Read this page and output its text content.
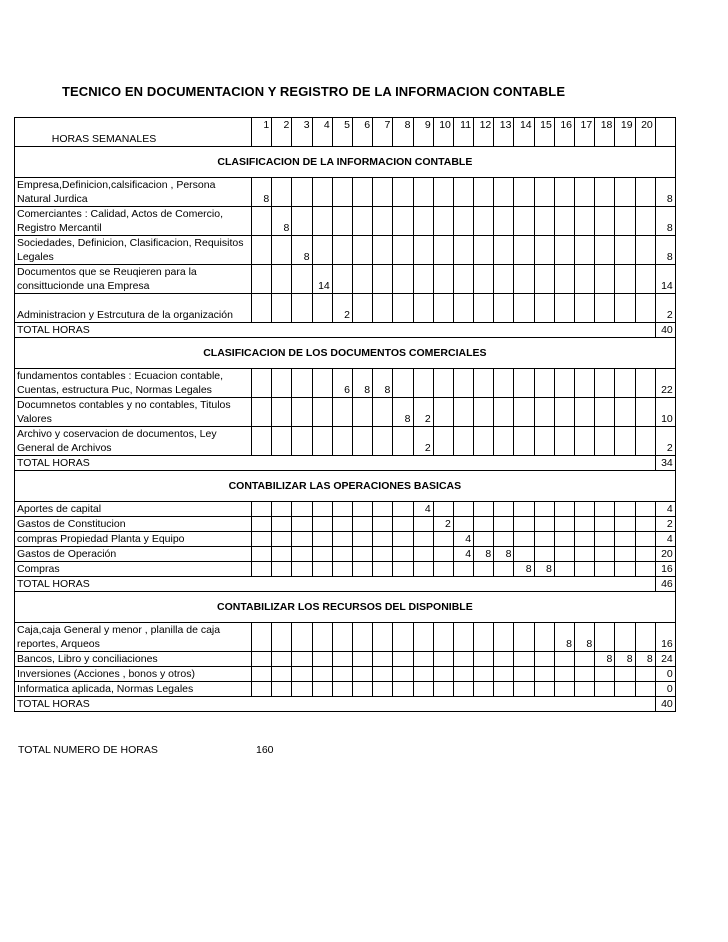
TECNICO EN DOCUMENTACION Y REGISTRO DE LA INFORMACION CONTABLE
HORAS SEMANALES	1	2	3	4	5	6	7	8	9	10	11	12	13	14	15	16	17	18	19	20	
CLASIFICACION DE LA INFORMACION CONTABLE																					
Empresa,Definicion,calsificacion , Persona Natural Jurdica	8																				8
Comerciantes : Calidad, Actos de Comercio, Registro Mercantil		8																			8
Sociedades, Definicion, Clasificacion, Requisitos Legales			8																		8
Documentos que se Reuqieren para la consittucionde una Empresa				14																	14
Administracion y Estrcutura de la organización					2																2
TOTAL HORAS																					40
CLASIFICACION DE LOS DOCUMENTOS COMERCIALES																					
fundamentos contables : Ecuacion contable, Cuentas, estructura Puc, Normas Legales					6	8	8														22
Documnetos contables y no contables, Titulos Valores								8	2												10
Archivo y coservacion de documentos, Ley General de Archivos									2												2
TOTAL HORAS																					34
CONTABILIZAR LAS OPERACIONES BASICAS																					
Aportes de capital									4												4
Gastos de Constitucion										2											2
compras Propiedad Planta y Equipo											4										4
Gastos de Operación											4	8	8								20
Compras														8	8						16
TOTAL HORAS																					46
CONTABILIZAR LOS RECURSOS DEL DISPONIBLE																					
Caja,caja General y menor , planilla de caja reportes, Arqueos																8	8				16
Bancos, Libro y conciliaciones																		8	8	8	24
Inversiones (Acciones , bonos y otros)																					0
Informatica aplicada, Normas Legales																					0
TOTAL HORAS																					40
TOTAL NUMERO DE HORAS	160
